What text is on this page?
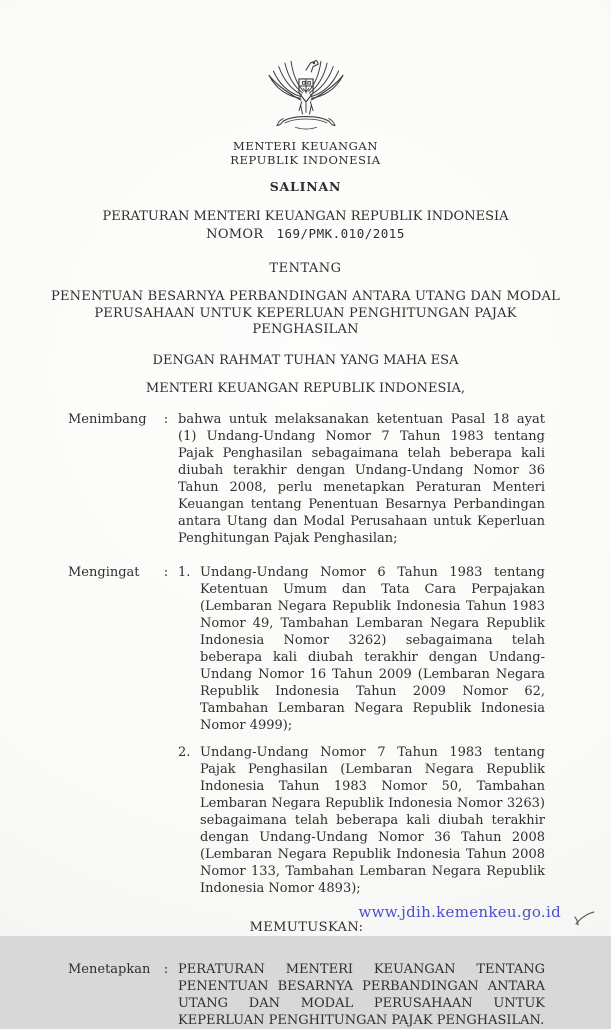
MENTERI KEUANGAN
REPUBLIK INDONESIA
SALINAN
PERATURAN MENTERI KEUANGAN REPUBLIK INDONESIA
NOMOR 169/PMK.010/2015
TENTANG
PENENTUAN BESARNYA PERBANDINGAN ANTARA UTANG DAN MODAL PERUSAHAAN UNTUK KEPERLUAN PENGHITUNGAN PAJAK PENGHASILAN
DENGAN RAHMAT TUHAN YANG MAHA ESA
MENTERI KEUANGAN REPUBLIK INDONESIA,
Menimbang	: bahwa untuk melaksanakan ketentuan Pasal 18 ayat (1) Undang-Undang Nomor 7 Tahun 1983 tentang Pajak Penghasilan sebagaimana telah beberapa kali diubah terakhir dengan Undang-Undang Nomor 36 Tahun 2008, perlu menetapkan Peraturan Menteri Keuangan tentang Penentuan Besarnya Perbandingan antara Utang dan Modal Perusahaan untuk Keperluan Penghitungan Pajak Penghasilan;
Mengingat	: 1. Undang-Undang Nomor 6 Tahun 1983 tentang Ketentuan Umum dan Tata Cara Perpajakan (Lembaran Negara Republik Indonesia Tahun 1983 Nomor 49, Tambahan Lembaran Negara Republik Indonesia Nomor 3262) sebagaimana telah beberapa kali diubah terakhir dengan Undang-Undang Nomor 16 Tahun 2009 (Lembaran Negara Republik Indonesia Tahun 2009 Nomor 62, Tambahan Lembaran Negara Republik Indonesia Nomor 4999);
2. Undang-Undang Nomor 7 Tahun 1983 tentang Pajak Penghasilan (Lembaran Negara Republik Indonesia Tahun 1983 Nomor 50, Tambahan Lembaran Negara Republik Indonesia Nomor 3263) sebagaimana telah beberapa kali diubah terakhir dengan Undang-Undang Nomor 36 Tahun 2008 (Lembaran Negara Republik Indonesia Tahun 2008 Nomor 133, Tambahan Lembaran Negara Republik Indonesia Nomor 4893);
MEMUTUSKAN:
Menetapkan	: PERATURAN MENTERI KEUANGAN TENTANG PENENTUAN BESARNYA PERBANDINGAN ANTARA UTANG DAN MODAL PERUSAHAAN UNTUK KEPERLUAN PENGHITUNGAN PAJAK PENGHASILAN.
www.jdih.kemenkeu.go.id
